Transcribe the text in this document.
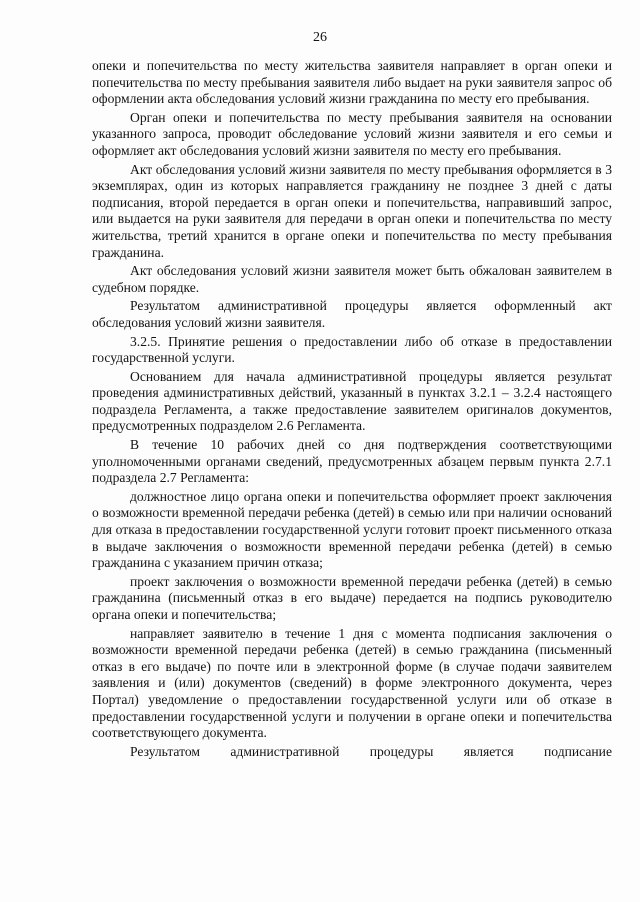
26

опеки и попечительства по месту жительства заявителя направляет в орган опеки и попечительства по месту пребывания заявителя либо выдает на руки заявителя запрос об оформлении акта обследования условий жизни гражданина по месту его пребывания.

Орган опеки и попечительства по месту пребывания заявителя на основании указанного запроса, проводит обследование условий жизни заявителя и его семьи и оформляет акт обследования условий жизни заявителя по месту его пребывания.

Акт обследования условий жизни заявителя по месту пребывания оформляется в 3 экземплярах, один из которых направляется гражданину не позднее 3 дней с даты подписания, второй передается в орган опеки и попечительства, направивший запрос, или выдается на руки заявителя для передачи в орган опеки и попечительства по месту жительства, третий хранится в органе опеки и попечительства по месту пребывания гражданина.

Акт обследования условий жизни заявителя может быть обжалован заявителем в судебном порядке.

Результатом административной процедуры является оформленный акт обследования условий жизни заявителя.

3.2.5. Принятие решения о предоставлении либо об отказе в предоставлении государственной услуги.

Основанием для начала административной процедуры является результат проведения административных действий, указанный в пунктах 3.2.1 – 3.2.4 настоящего подраздела Регламента, а также предоставление заявителем оригиналов документов, предусмотренных подразделом 2.6 Регламента.

В течение 10 рабочих дней со дня подтверждения соответствующими уполномоченными органами сведений, предусмотренных абзацем первым пункта 2.7.1 подраздела 2.7 Регламента:

должностное лицо органа опеки и попечительства оформляет проект заключения о возможности временной передачи ребенка (детей) в семью или при наличии оснований для отказа в предоставлении государственной услуги готовит проект письменного отказа в выдаче заключения о возможности временной передачи ребенка (детей) в семью гражданина с указанием причин отказа;

проект заключения о возможности временной передачи ребенка (детей) в семью гражданина (письменный отказ в его выдаче) передается на подпись руководителю органа опеки и попечительства;

направляет заявителю в течение 1 дня с момента подписания заключения о возможности временной передачи ребенка (детей) в семью гражданина (письменный отказ в его выдаче) по почте или в электронной форме (в случае подачи заявителем заявления и (или) документов (сведений) в форме электронного документа, через Портал) уведомление о предоставлении государственной услуги или об отказе в предоставлении государственной услуги и получении в органе опеки и попечительства соответствующего документа.

Результатом административной процедуры является подписание
